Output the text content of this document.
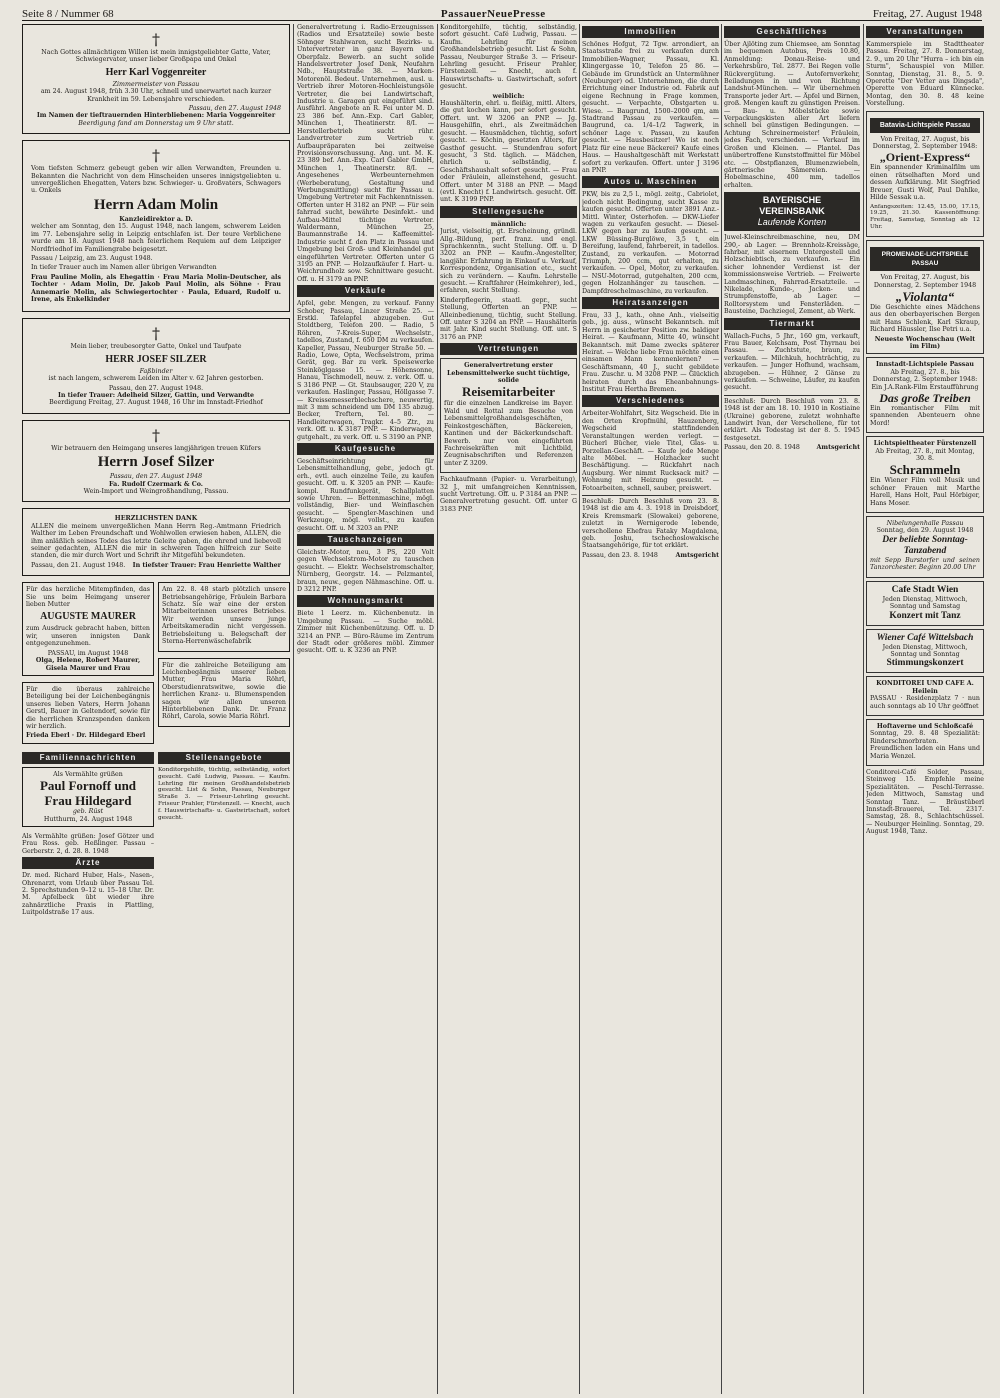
Seite 8 / Nummer 68	PassauerNeuePresse	Freitag, 27. August 1948
†
Nach Gottes allmächtigem Willen ist mein innigstgeliebter Gatte, Vater, Schwiegervater, unser lieber Großpapa und Onkel
Herr Karl Voggenreiter
Zimmermeister von Passau
am 24. August 1948, früh 3.30 Uhr, schnell und unerwartet nach kurzer Krankheit im 59. Lebensjahre verschieden.
Passau, den 27. August 1948
Im Namen der tieftrauernden Hinterbliebenen: Maria Voggenreiter
Beerdigung fand am Donnerstag um 9 Uhr statt.
†
Vom tiefsten Schmerz gebeugt geben wir allen Verwandten, Freunden u. Bekannten die Nachricht von dem Hinscheiden unseres innigstgeliebten u. unvergeßlichen Ehegatten, Vaters bzw. Schwieger- u. Großvaters, Schwagers u. Onkels
Herrn Adam Molin
Kanzleidirektor a. D.
welcher am Sonntag, den 15. August 1948, nach langem, schwerem Leiden im 77. Lebensjahre selig in Leipzig entschlafen ist. Der teure Verblichene wurde am 18. August 1948 nach feierlichem Requiem auf dem Leipziger Nordfriedhof im Familiengrabe beigesetzt.
Passau / Leipzig, am 23. August 1948.
In tiefer Trauer auch im Namen aller übrigen Verwandten
Frau Pauline Molin, als Ehegattin · Frau Maria Molin-Deutscher, als Tochter · Adam Molin, Dr. Jakob Paul Molin, als Söhne · Frau Annemarie Molin, als Schwiegertochter · Paula, Eduard, Rudolf u. Irene, als Enkelkinder
†
Mein lieber, treubesorgter Gatte, Onkel und Taufpate
HERR JOSEF SILZER
Faßbinder
ist nach langem, schwerem Leiden im Alter v. 62 Jahren gestorben.
Passau, den 27. August 1948.
In tiefer Trauer: Adelheid Silzer, Gattin, und Verwandte
Beerdigung Freitag, 27. August 1948, 16 Uhr im Innstadt-Friedhof
†
Wir betrauern den Heimgang unseres langjährigen treuen Küfers
Herrn Josef Silzer
Passau, den 27. August 1948
Fa. Rudolf Czermark & Co.
Wein-Import und Weingroßhandlung, Passau.
HERZLICHSTEN DANK
ALLEN die meinem unvergeßlichen Mann Herrn Reg.-Amtmann Friedrich Walther im Leben Freundschaft und Wohlwollen erwiesen haben, ALLEN, die ihm anläßlich seines Todes das letzte Geleite gaben, die ehrend und liebevoll seiner gedachten, ALLEN die mir in schweren Tagen hilfreich zur Seite standen, die mir durch Wort und Schrift ihr Mitgefühl bekundeten.
Passau, den 21. August 1948. In tiefster Trauer: Frau Henriette Walther
Für das herzliche Mitempfinden, das Sie uns beim Heimgang unserer lieben Mutter
AUGUSTE MAURER
zum Ausdruck gebracht haben, bitten wir, unseren innigsten Dank entgegenzunehmen.
PASSAU, im August 1948
Olga, Helene, Robert Maurer, Gisela Maurer und Frau
Für die überaus zahlreiche Beteiligung bei der Leichenbegängnis unseres lieben Vaters, Herrn Johann Gerstl, Bauer in Geltendorf, sowie für die herrlichen Kranzspenden danken wir herzlich.
Frieda Eberl · Dr. Hildegard Eberl
Am 22. 8. 48 starb plötzlich unsere Betriebsangehörige, Fräulein Barbara Schatz. Sie war eine der ersten Mitarbeiterinnen unseres Betriebes. Wir werden unsere junge Arbeitskameradin nicht vergessen. Betriebsleitung u. Belegschaft der Sterna-Herrenwäschefabrik
Für die zahlreiche Beteiligung am Leichenbegängnis unserer lieben Mutter, Frau Maria Röhrl, Oberstudienratswitwe, sowie die herrlichen Kranz- u. Blumenspenden sagen wir allen unseren Hinterbliebenen Dank. Dr. Franz Röhrl, Carola, sowie Maria Röhrl.
Familiennachrichten
Als Vermählte grüßen
Paul Fornoff und
Frau Hildegard
geb. Rüst
Hutthurm, 24. August 1948
Als Vermählte grüßen: Josef Götzer und Frau Ross. geb. Heßlinger. Passau – Gerberstr. 2, d. 28. 8. 1948
Ärzte
Dr. med. Richard Huber, Hals-, Nasen-, Ohrenarzt, vom Urlaub über Passau Tel. 2. Sprechstunden 9–12 u. 15–18 Uhr. Dr. M. Apfelbeck übt wieder ihre zahnärztliche Praxis in Plattling, Luitpoldstraße 17 aus.
Stellenangebote
Konditorgehilfe, tüchtig, selbständig, sofort gesucht. Café Ludwig, Passau. — Kaufm. Lehrling für meinen Großhandelsbetrieb gesucht. List & Sohn, Passau, Neuburger Straße 3. — Friseur-Lehrling gesucht. Friseur Prahler, Fürstenzell. — Knecht, auch f. Hauswirtschafts- u. Gastwirtschaft, sofort gesucht.
Generalvertretung i. Radio-Erzeugnissen (Radios und Ersatzteile) sowie beste Söhnger Stahlwaren, sucht Bezirks- u. Untervertreter in ganz Bayern und Oberpfalz. Bewerb. an sucht solide Handelsvertreter Josef Denk, Neufahrn Ndb., Hauptstraße 38. — Marken-Motorenöl. Bedeut. Unternehmen, ausl. u. Vertrieb ihrer Motoren-Hochleistungsöle Vertreter, die bei Landwirtschaft, Industrie u. Garagen gut eingeführt sind. Ausführl. Angebote an R. Fei unter M. D. 23 386 bef. Ann.-Exp. Carl Gabler, München 1, Theatinerstr. 8/I. — Herstellerbetrieb sucht rühr. Landvertreter zum Vertrieb v. Aufbaupräparaten bei zeitweise Provisionsvorschussung. Ang. unt. M. K. 23 389 bef. Ann.-Exp. Carl Gabler GmbH, München 1, Theatinerstr. 8/I. — Angesehenes Werbeunternehmen (Werbeberatung, Gestaltung und Werbungsmittlung) sucht für Passau u. Umgebung Vertreter mit Fachkenntnissen. Offerten unter H 3182 an PNP. — Für sein fahrrad sucht, bewährte Desinfekt.- und Aufbau-Mittel tüchtige Vertreter. Waldermann, München 25, Baumannstraße 14. — Kaffeemittel-Industrie sucht f. den Platz in Passau und Umgebung bei Groß- und Kleinhandel gut eingeführten Vertreter. Offerten unter G 3195 an PNP. — Holzaufkäufer f. Hart- u. Weichrundholz sow. Schnittware gesucht. Off. u. H 3179 an PNP.
Verkäufe
Apfel, gebr. Mengen, zu verkauf. Fanny Schober, Passau, Linzer Straße 25. — Erstkl. Tafelapfel abzugeben. Gut Stoldtberg, Telefon 200. — Radio, 5 Röhren, 7-Kreis-Super, Wechselstr., tadellos, Zustand, f. 650 DM zu verkaufen. Kapeller, Passau, Neuburger Straße 50. — Radio, Lowe, Opta, Wechselstrom, prima Gerät, geg. Bar zu verk. Speisewerke Steinköglgasse 15. — Höhensonne, Hanau, Tischmodell, neuw. z. verk. Off. u. S 3186 PNP. — Gt. Staubsauger, 220 V, zu verkaufen. Haslinger, Passau, Höllgasse 7. — Kreissemesserblechschere, neuwertig, mit 3 mm schneidend um DM 135 abzug. Becker, Treftern, Tel. 80. — Handleiterwagen, Tragkr. 4–5 Ztr., zu verk. Off. u. K 3187 PNP. — Kinderwagen, gutgehalt., zu verk. Off. u. S 3190 an PNP.
Kaufgesuche
Geschäftseinrichtung für Lebensmittelhandlung, gebr., jedoch gt. erh., evtl. auch einzelne Teile, zu kaufen gesucht. Off. u. K 3205 an PNP. — Kaufe: kompl. Rundfunkgerät, Schallplatten sowie Uhren. — Bettenmaschine, mögl. vollständig, Bier- und Weinflaschen gesucht. — Spengler-Maschinen und Werkzeuge, mögl. vollst., zu kaufen gesucht. Off. u. M 3203 an PNP.
Tauschanzeigen
Gleichstr.-Motor, neu, 3 PS, 220 Volt gegen Wechselstrom-Motor zu tauschen gesucht. — Elektr. Wechselstromschalter, Nürnberg, Georgstr. 14. — Pelzmantel, braun, neuw., gegen Nähmaschine. Off. u. D 3212 PNP.
Wohnungsmarkt
Biete 1 Leerz. m. Küchenbenutz. in Umgebung Passau. — Suche möbl. Zimmer mit Küchenbenützung. Off. u. D 3214 an PNP. — Büro-Räume im Zentrum der Stadt oder größeres möbl. Zimmer gesucht. Off. u. K 3236 an PNP.
Konditorgehilfe, tüchtig, selbständig, sofort gesucht. Café Ludwig, Passau. — Kaufm. Lehrling für meinen Großhandelsbetrieb gesucht. List & Sohn, Passau, Neuburger Straße 3. — Friseur-Lehrling gesucht. Friseur Prahler, Fürstenzell. — Knecht, auch f. Hauswirtschafts- u. Gastwirtschaft, sofort gesucht.
weiblich:
Haushälterin, ehrl. u. fleißig, mittl. Alters, die gut kochen kann, per sofort gesucht. Offert. unt. W 3206 an PNP. — Jg. Hausgehilfin, ehrl., als Zweitmädchen gesucht. — Hausmädchen, tüchtig, sofort gesucht. — Köchin, gesetzten Alters, für Gasthof gesucht. — Stundenfrau sofort gesucht, 3 Std. täglich. — Mädchen, ehrlich u. selbständig, f. Geschäftshaushalt sofort gesucht. — Frau oder Fräulein, alleinstehend, gesucht. Offert. unter M 3188 an PNP. — Magd (evtl. Knecht) f. Landwirtsch. gesucht. Off. unt. K 3199 PNP.
Stellengesuche
männlich:
Jurist, vielseitig, gt. Erscheinung, gründl. Allg.-Bildung, perf. franz. und engl. Sprachkenntn., sucht Stellung. Off. u. D 3202 an PNP. — Kaufm.-Angestellter, langjähr. Erfahrung in Einkauf u. Verkauf, Korrespondenz, Organisation etc., sucht sich zu verändern. — Kaufm. Lehrstelle gesucht. — Kraftfahrer (Heimkehrer), led., erfahren, sucht Stellung.
Kinderpflegerin, staatl. gepr., sucht Stellung, Offerten an PNP. — Alleinbedienung, tüchtig, sucht Stellung. Off. unter S 3204 an PNP. — Haushälterin mit Jahr. Kind sucht Stellung. Off. unt. S 3176 an PNP.
Vertretungen
Generalvertretung erster Lebensmittelwerke sucht tüchtige, solide
Reisemitarbeiter
für die einzelnen Landkreise im Bayer. Wald und Rottal zum Besuche von Lebensmittelgroßhandelsgeschäften, Feinkostgeschäften, Bäckereien, Kantinen und der Bäckerkundschaft. Bewerb. nur von eingeführten Fachreisekräften mit Lichtbild, Zeugnisabschriften und Referenzen unter Z 3209.
Fachkaufmann (Papier- u. Verarbeitung), 32 J., mit umfangreichen Kenntnissen, sucht Vertretung. Off. u. P 3184 an PNP. — Generalvertretung gesucht. Off. unter G 3183 PNP.
Immobilien
Schönes Hofgut, 72 Tgw. arrondiert, an Staatsstraße frei zu verkaufen durch Immobilien-Wagner, Passau, Kl. Klingergasse 10, Telefon 25 86. — Gebäude im Grundstück an Untermühner (Neuburger) od. Unternehmen, die durch Errichtung einer Industrie od. Fabrik auf eigene Rechnung in Frage kommen, gesucht. — Verpachte, Obstgarten u. Wiese. — Baugrund, 1500–2000 qm, am Stadtrand Passau zu verkaufen. — Baugrund, ca. 1/4–1/2 Tagwerk, in schöner Lage v. Passau, zu kaufen gesucht. — Hausbesitzer! Wo ist noch Platz für eine neue Bäckerei? Kaufe eines Haus. — Haushaltgeschäft mit Werkstatt sofort zu verkaufen. Offert. unter J 3196 an PNP.
Autos u. Maschinen
PKW, bis zu 2,5 l., mögl. zeitg., Cabriolet, jedoch nicht Bedingung, sucht Kasse zu kaufen gesucht. Offerten unter 3891 Anz.-Mittl. Winter, Osterhofen. — DKW-Liefer wagen zu verkaufen gesucht. — Diesel-LKW gegen bar zu kaufen gesucht. — LKW Büssing-Burglöwe, 3,5 t, ein Bereifung, laufend, fahrbereit, in tadellos. Zustand, zu verkaufen. — Motorrad Triumph, 200 ccm, gut erhalten, zu verkaufen. — Opel, Motor, zu verkaufen. — NSU-Motorrad, gutgehalten, 200 ccm, gegen Holzanhänger zu tauschen. — Dampfdreschelmaschine, zu verkaufen.
Heiratsanzeigen
Frau, 33 J., kath., ohne Anh., vielseitig geb., jg. auss., wünscht Bekanntsch. mit Herrn in gesicherter Position zw. baldiger Heirat. — Kaufmann, Mitte 40, wünscht Bekanntsch. mit Dame zwecks späterer Heirat. — Welche liebe Frau möchte einen einsamen Mann kennenlernen? — Geschäftsmann, 40 J., sucht gebildete Frau. Zuschr. u. M 3208 PNP. — Glücklich heiraten durch das Eheanbahnungs-Institut Frau Hertha Bremen.
Verschiedenes
Arbeiter-Wohlfahrt, Sitz Wegscheid. Die in den Orten Kropfmühl, Hauzenberg, Wegscheid stattfindenden Veranstaltungen werden verlegt. — Bücherl Bücher, viele Titel, Glas- u. Porzellan-Geschäft. — Kaufe jede Menge alte Möbel. — Holzhacker sucht Beschäftigung. — Rückfahrt nach Augsburg. Wer nimmt Rucksack mit? — Wohnung mit Heizung gesucht. — Fotoarbeiten, schnell, sauber, preiswert.
Beschluß: Durch Beschluß vom 23. 8. 1948 ist die am 4. 3. 1918 in Dreisbdorf, Kreis Kremsmark (Slowakei) geborene, zuletzt in Wernigerode lebende, verschollene Ehefrau Fataky Magdalena, geb. Joshu, tschechoslowakische Staatsangehörige, für tot erklärt.
Passau, den 23. 8. 1948	Amtsgericht
Geschäftliches
Über Ajlöting zum Chiemsee, am Sonntag im bequemen Autobus, Preis 10.80, Anmeldung: Donau-Reise- und Verkehrsbüro, Tel. 2877. Bei Regen volle Rückvergütung. — Autofernverkehr, Beiladungen in und von Richtung Landshut-München. — Wir übernehmen Transporte jeder Art. — Äpfel und Birnen, groß. Mengen kauft zu günstigen Preisen. — Bau- u. Möbelstücke sowie Verpackungskisten aller Art liefern schnell bei günstigen Bedingungen. — Achtung Schreinermeister! Fräulein, jedes Fach, verschieden. — Verkauf im Großen und Kleinen. — Plantel. Das unübertroffene Kunststoffmittel für Möbel etc. — Obstpflanzen, Blumenzwiebeln, gärtnerische Sämereien. — Hobelmaschine, 400 mm, tadellos erhalten.
BAYERISCHE
VEREINSBANK
Laufende Konten
Juwel-Kleinschreibmaschine, neu, DM 290,- ab Lager. — Brennholz-Kreissäge, fahrbar, mit eisernem Untergestell und Holzschiebtisch, zu verkaufen. — Ein sicher lohnender Verdienst ist der kommissionsweise Vertrieb. — Freiwerte Landmaschinen, Fahrrad-Ersatzteile. — Nikelade, Kunde-, Jacken- und Strumpfenstoffe, ab Lager. — Rolltorsystem und Fensterläden. — Bausteine, Dachziegel, Zement, ab Werk.
Tiermarkt
Wallach-Fuchs, 5 Jhr., 160 gm, verkauft, Frau Bauer, Kelchsam, Post Thyrnau bei Passau. — Zuchtstute, braun, zu verkaufen. — Milchkuh, hochträchtig, zu verkaufen. — Junger Hofhund, wachsam, abzugeben. — Hühner, 2 Gänse zu verkaufen. — Schweine, Läufer, zu kaufen gesucht.
Beschluß: Durch Beschluß vom 23. 8. 1948 ist der am 18. 10. 1910 in Kostiaine (Ukraine) geborene, zuletzt wohnhafte Landwirt Ivan, der Verschollene, für tot erklärt. Als Todestag ist der 8. 5. 1945 festgesetzt.
Passau, den 20. 8. 1948	Amtsgericht
Veranstaltungen
Kammerspiele im Stadttheater Passau. Freitag, 27. 8. Donnerstag, 2. 9., um 20 Uhr "Hurra – ich bin ein Sturm", Schauspiel von Miller. Sonntag, Dienstag, 31. 8., 5. 9. Operette "Der Vetter aus Dingsda", Operette von Eduard Künnecke. Montag, den 30. 8. 48 keine Vorstellung.
Batavia-Lichtspiele Passau
Von Freitag, 27. August, bis Donnerstag, 2. September 1948:
„Orient-Express“
Ein spannender Kriminalfilm um einen rätselhaften Mord und dessen Aufklärung. Mit Siegfried Breuer, Gusti Wolf, Paul Dahlke, Hilde Sessak u.a.
Anfangszeiten: 12.45, 15.00, 17.15, 19.25, 21.30. Kassenöffnung: Freitag, Samstag, Sonntag ab 12 Uhr.
PROMENADE-LICHTSPIELE PASSAU
Von Freitag, 27. August, bis Donnerstag, 2. September 1948
„Violanta“
Die Geschichte eines Mädchens aus den oberbayerischen Bergen mit Hans Schlenk, Karl Skraup, Richard Häussler, Ilse Petri u.a.
Neueste Wochenschau (Welt im Film)
Innstadt-Lichtspiele Passau
Ab Freitag, 27. 8., bis Donnerstag, 2. September 1948: Ein J.A.Rank-Film Erstaufführung
Das große Treiben
Ein romantischer Film mit spannenden Abenteuern ohne Mord!
Lichtspieltheater Fürstenzell
Ab Freitag, 27. 8., mit Montag, 30. 8.
Schrammeln
Ein Wiener Film voll Musik und schöner Frauen mit Marthe Harell, Hans Holt, Paul Hörbiger, Hans Moser.
Nibelungenhalle Passau
Sonntag, den 29. August 1948
Der beliebte Sonntag-Tanzabend
mit Sepp Burstorfer und seinen Tanzorchester. Beginn 20.00 Uhr
Cafe Stadt Wien
Jeden Dienstag, Mittwoch, Sonntag und Samstag
Konzert mit Tanz
Wiener Café Wittelsbach
Jeden Dienstag, Mittwoch, Sonntag und Sonntag
Stimmungskonzert
KONDITOREI UND CAFE A. Heilein
PASSAU · Residenzplatz 7 · nun auch sonntags ab 10 Uhr geöffnet
Hoftaverne und Schloßcafé
Sonntag, 29. 8. 48 Spezialität: Rinderschmorbraten. Freundlichen laden ein Hans und Maria Wenzel.
Conditorei-Café Solder, Passau, Steinweg 15. Empfehle meine Spezialitäten. — Peschl-Terrasse. Jeden Mittwoch, Samstag und Sonntag Tanz. — Bräustüberl Innstadt-Brauerei, Tel. 2317. Samstag, 28. 8., Schlachtschüssel. — Neuburger Heinling. Sonntag, 29. August 1948, Tanz.
